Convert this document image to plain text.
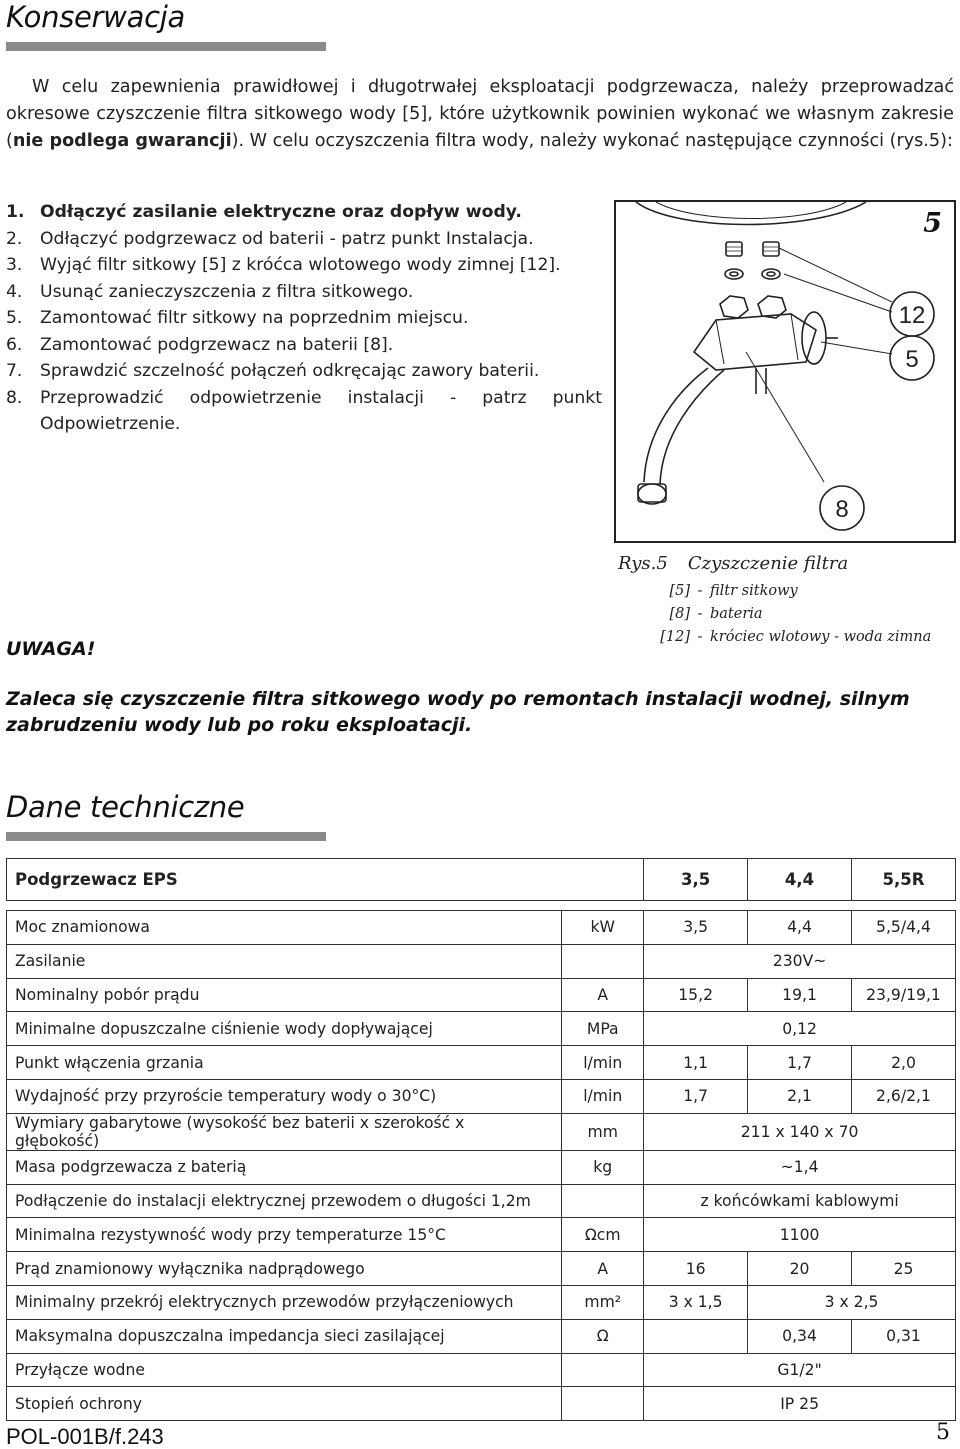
Konserwacja

W celu zapewnienia prawidłowej i długotrwałej eksploatacji podgrzewacza, należy przeprowadzać okresowe czyszczenie filtra sitkowego wody [5], które użytkownik powinien wykonać we własnym zakresie (nie podlega gwarancji). W celu oczyszczenia filtra wody, należy wykonać następujące czynności (rys.5):

1. Odłączyć zasilanie elektryczne oraz dopływ wody.
2.	Odłączyć podgrzewacz od baterii - patrz punkt Instalacja.
3.	Wyjąć filtr sitkowy [5] z króćca wlotowego wody zimnej [12].
4.	Usunąć zanieczyszczenia z filtra sitkowego.
5.	Zamontować filtr sitkowy na poprzednim miejscu.
6.	Zamontować podgrzewacz na baterii [8].
7.	Sprawdzić szczelność połączeń odkręcając zawory baterii.
8.	Przeprowadzić odpowietrzenie instalacji - patrz punkt Odpowietrzenie.
12
5
8
5
Rys.5 Czyszczenie filtra
[5] - filtr sitkowy
[8] - bateria
[12] - króciec wlotowy - woda zimna
UWAGA!
Zaleca się czyszczenie filtra sitkowego wody po remontach instalacji wodnej, silnym zabrudzeniu wody lub po roku eksploatacji.
Dane techniczne
Podgrzewacz EPS		3,5	4,4	5,5R

Moc znamionowa	kW	3,5	4,4	5,5/4,4
Zasilanie		230V~		
Nominalny pobór prądu	A	15,2	19,1	23,9/19,1
Minimalne dopuszczalne ciśnienie wody dopływającej	MPa	0,12		
Punkt włączenia grzania	l/min	1,1	1,7	2,0
Wydajność przy przyroście temperatury wody o 30°C)	l/min	1,7	2,1	2,6/2,1
Wymiary gabarytowe (wysokość bez baterii x szerokość x głębokość)	mm	211 x 140 x 70		
Masa podgrzewacza z baterią	kg	~1,4		
Podłączenie do instalacji elektrycznej przewodem o długości 1,2m		z końcówkami kablowymi		
Minimalna rezystywność wody przy temperaturze 15°C	Ωcm	1100		
Prąd znamionowy wyłącznika nadprądowego	A	16	20	25
Minimalny przekrój elektrycznych przewodów przyłączeniowych	mm²	3 x 1,5	3 x 2,5	
Maksymalna dopuszczalna impedancja sieci zasilającej	Ω		0,34	0,31
Przyłącze wodne		G1/2"		
Stopień ochrony		IP 25		
POL-001B/f.243	5
